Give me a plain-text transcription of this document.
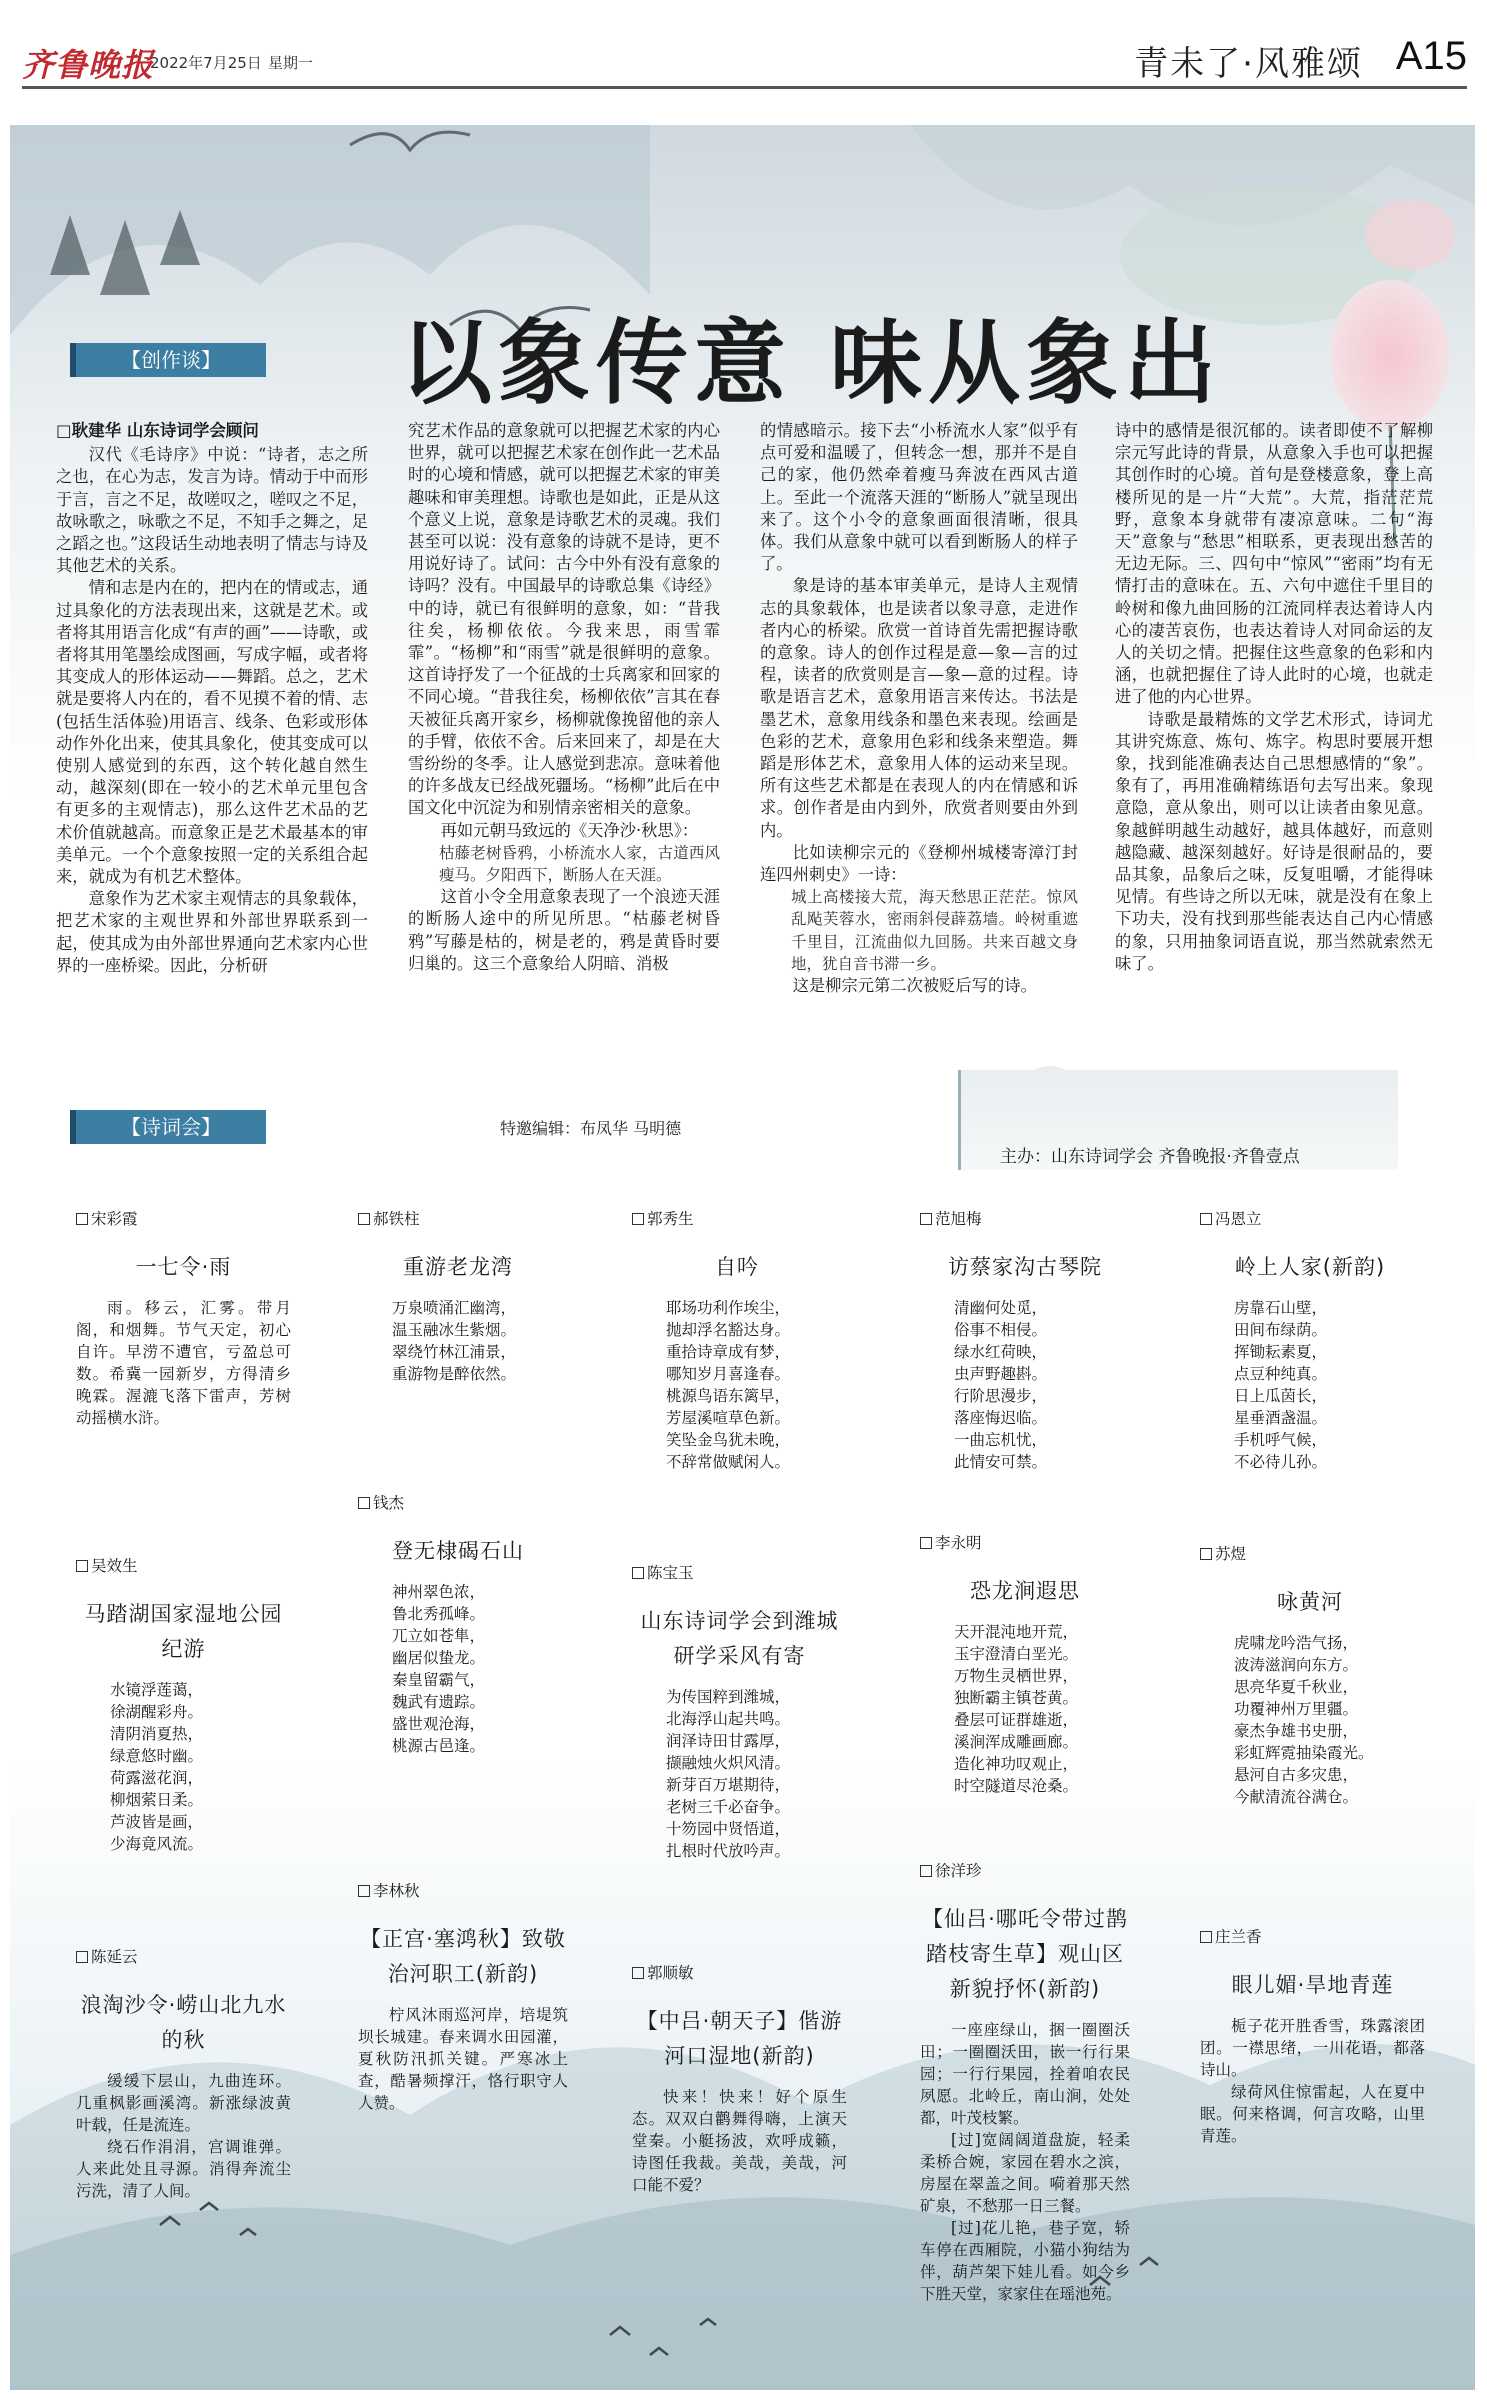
齐鲁晚报
2022年7月25日 星期一	青未了·风雅颂 A15
【创作谈】	以象传意 味从象出
□耿建华 山东诗词学会顾问

汉代《毛诗序》中说：“诗者，志之所之也，在心为志，发言为诗。情动于中而形于言，言之不足，故嗟叹之，嗟叹之不足，故咏歌之，咏歌之不足，不知手之舞之，足之蹈之也。”这段话生动地表明了情志与诗及其他艺术的关系。

情和志是内在的，把内在的情或志，通过具象化的方法表现出来，这就是艺术。或者将其用语言化成“有声的画”——诗歌，或者将其用笔墨绘成图画，写成字幅，或者将其变成人的形体运动——舞蹈。总之，艺术就是要将人内在的，看不见摸不着的情、志(包括生活体验)用语言、线条、色彩或形体动作外化出来，使其具象化，使其变成可以使别人感觉到的东西，这个转化越自然生动，越深刻(即在一较小的艺术单元里包含有更多的主观情志)，那么这件艺术品的艺术价值就越高。而意象正是艺术最基本的审美单元。一个个意象按照一定的关系组合起来，就成为有机艺术整体。

意象作为艺术家主观情志的具象载体，把艺术家的主观世界和外部世界联系到一起，使其成为由外部世界通向艺术家内心世界的一座桥梁。因此，分析研

究艺术作品的意象就可以把握艺术家的内心世界，就可以把握艺术家在创作此一艺术品时的心境和情感，就可以把握艺术家的审美趣味和审美理想。诗歌也是如此，正是从这个意义上说，意象是诗歌艺术的灵魂。我们甚至可以说：没有意象的诗就不是诗，更不用说好诗了。试问：古今中外有没有意象的诗吗？没有。中国最早的诗歌总集《诗经》中的诗，就已有很鲜明的意象，如：“昔我往矣，杨柳依依。今我来思，雨雪霏霏”。“杨柳”和“雨雪”就是很鲜明的意象。这首诗抒发了一个征战的士兵离家和回家的不同心境。“昔我往矣，杨柳依依”言其在春天被征兵离开家乡，杨柳就像挽留他的亲人的手臂，依依不舍。后来回来了，却是在大雪纷纷的冬季。让人感觉到悲凉。意味着他的许多战友已经战死疆场。“杨柳”此后在中国文化中沉淀为和别情亲密相关的意象。

再如元朝马致远的《天净沙·秋思》：

枯藤老树昏鸦，小桥流水人家，古道西风瘦马。夕阳西下，断肠人在天涯。

这首小令全用意象表现了一个浪迹天涯的断肠人途中的所见所思。“枯藤老树昏鸦”写藤是枯的，树是老的，鸦是黄昏时要归巢的。这三个意象给人阴暗、消极

的情感暗示。接下去“小桥流水人家”似乎有点可爱和温暖了，但转念一想，那并不是自己的家，他仍然牵着瘦马奔波在西风古道上。至此一个流落天涯的“断肠人”就呈现出来了。这个小令的意象画面很清晰，很具体。我们从意象中就可以看到断肠人的样子了。

象是诗的基本审美单元，是诗人主观情志的具象载体，也是读者以象寻意，走进作者内心的桥梁。欣赏一首诗首先需把握诗歌的意象。诗人的创作过程是意—象—言的过程，读者的欣赏则是言—象—意的过程。诗歌是语言艺术，意象用语言来传达。书法是墨艺术，意象用线条和墨色来表现。绘画是色彩的艺术，意象用色彩和线条来塑造。舞蹈是形体艺术，意象用人体的运动来呈现。所有这些艺术都是在表现人的内在情感和诉求。创作者是由内到外，欣赏者则要由外到内。

比如读柳宗元的《登柳州城楼寄漳汀封连四州刺史》一诗：

城上高楼接大荒，海天愁思正茫茫。惊风乱飐芙蓉水，密雨斜侵薜荔墙。岭树重遮千里目，江流曲似九回肠。共来百越文身地，犹自音书滞一乡。

这是柳宗元第二次被贬后写的诗。

诗中的感情是很沉郁的。读者即使不了解柳宗元写此诗的背景，从意象入手也可以把握其创作时的心境。首句是登楼意象，登上高楼所见的是一片“大荒”。大荒，指茫茫荒野，意象本身就带有凄凉意味。二句“海天”意象与“愁思”相联系，更表现出愁苦的无边无际。三、四句中“惊风”“密雨”均有无情打击的意味在。五、六句中遮住千里目的岭树和像九曲回肠的江流同样表达着诗人内心的凄苦哀伤，也表达着诗人对同命运的友人的关切之情。把握住这些意象的色彩和内涵，也就把握住了诗人此时的心境，也就走进了他的内心世界。

诗歌是最精炼的文学艺术形式，诗词尤其讲究炼意、炼句、炼字。构思时要展开想象，找到能准确表达自己思想感情的“象”。象有了，再用准确精练语句去写出来。象现意隐，意从象出，则可以让读者由象见意。象越鲜明越生动越好，越具体越好，而意则越隐藏、越深刻越好。好诗是很耐品的，要品其象，品象后之味，反复咀嚼，才能得味见情。有些诗之所以无味，就是没有在象上下功夫，没有找到那些能表达自己内心情感的象，只用抽象词语直说，那当然就索然无味了。

【诗词会】	特邀编辑：布凤华 马明德
主办：山东诗词学会 齐鲁晚报·齐鲁壹点
宋彩霞
一七令·雨

雨。移云，汇雾。带月阁，和烟舞。节气天定，初心自许。早涝不遭官，亏盈总可数。希冀一园新岁，方得清乡晚霖。渥漉飞落下雷声，芳树动摇横水浒。

郝铁柱
重游老龙湾
万泉喷涌汇幽湾，
温玉融冰生紫烟。
翠绕竹林江浦景，
重游物是醉依然。
郭秀生
自吟
耶场功利作埃尘，
抛却浮名豁达身。
重拾诗章成有梦，
哪知岁月喜逢春。
桃源鸟语东篱早，
芳屋溪喧草色新。
笑坠金鸟犹未晚，
不辞常做赋闲人。
范旭梅
访蔡家沟古琴院
清幽何处觅，
俗事不相侵。
绿水红荷映，
虫声野趣斟。
行阶思漫步，
落座悔迟临。
一曲忘机忧，
此情安可禁。
冯恩立
岭上人家(新韵)
房靠石山壁，
田间布绿荫。
挥锄耘素夏，
点豆种纯真。
日上瓜茵长，
星垂酒盏温。
手机呼气候，
不必待儿孙。
钱杰
登无棣碣石山
神州翠色浓，
鲁北秀孤峰。
兀立如苍隼，
幽居似蛰龙。
秦皇留霸气，
魏武有遗踪。
盛世观沧海，
桃源古邑逢。
吴效生
马踏湖国家湿地公园纪游
水镜浮莲蔼，
徐湖醒彩舟。
清阴消夏热，
绿意悠时幽。
荷露滋花润，
柳烟萦日柔。
芦波皆是画，
少海竟风流。
陈宝玉
山东诗词学会到潍城研学采风有寄
为传国粹到潍城，
北海浮山起共鸣。
润泽诗田甘露厚，
撷融烛火炽风清。
新芽百万堪期待，
老树三千必奋争。
十笏园中贤悟道，
扎根时代放吟声。
李永明
恐龙涧遐思
天开混沌地开荒，
玉宇澄清白垩光。
万物生灵栖世界，
独断霸主镇苍黄。
叠层可证群雄逝，
溪涧浑成雕画廊。
造化神功叹观止，
时空隧道尽沧桑。
苏煜
咏黄河
虎啸龙吟浩气扬，
波涛滋润向东方。
思亮华夏千秋业，
功覆神州万里疆。
豪杰争雄书史册，
彩虹辉霓抽染霞光。
悬河自古多灾患，
今献清流谷满仓。
李林秋
【正宫·塞鸿秋】致敬治河职工(新韵)

柠风沐雨巡河岸，培堤筑坝长城建。春来调水田园灌，夏秋防汛抓关键。严寒冰上查，酷暑频撑汗，恪行职守人人赞。

陈延云
浪淘沙令·崂山北九水的秋

缓缓下层山，九曲连环。几重枫影画溪湾。新涨绿波黄叶载，任是流连。

绕石作涓涓，宫调谁弹。人来此处且寻源。消得奔流尘污洗，清了人间。

郭顺敏
【中吕·朝天子】偕游河口湿地(新韵)

快来！快来！好个原生态。双双白鹳舞得嗨，上演天堂秦。小艇扬波，欢呼成籁，诗图任我裁。美哉，美哉，河口能不爱？

徐洋珍
【仙吕·哪吒令带过鹊踏枝寄生草】观山区新貌抒怀(新韵)

一座座绿山，捆一圈圈沃田；一圈圈沃田，嵌一行行果园；一行行果园，拴着咱农民夙愿。北岭丘，南山涧，处处都，叶茂枝繁。

[过]宽阔阔道盘旋，轻柔柔桥合婉，家园在碧水之滨，房屋在翠盖之间。嗬着那天然矿泉，不愁那一日三餐。

[过]花儿艳，巷子宽，轿车停在西厢院，小猫小狗结为伴，葫芦架下娃儿看。如今乡下胜天堂，家家住在瑶池苑。

庄兰香
眼儿媚·旱地青莲

栀子花开胜香雪，珠露滚团团。一襟思绪，一川花语，都落诗山。

绿荷风住惊雷起，人在夏中眠。何来格调，何言攻略，山里青莲。
